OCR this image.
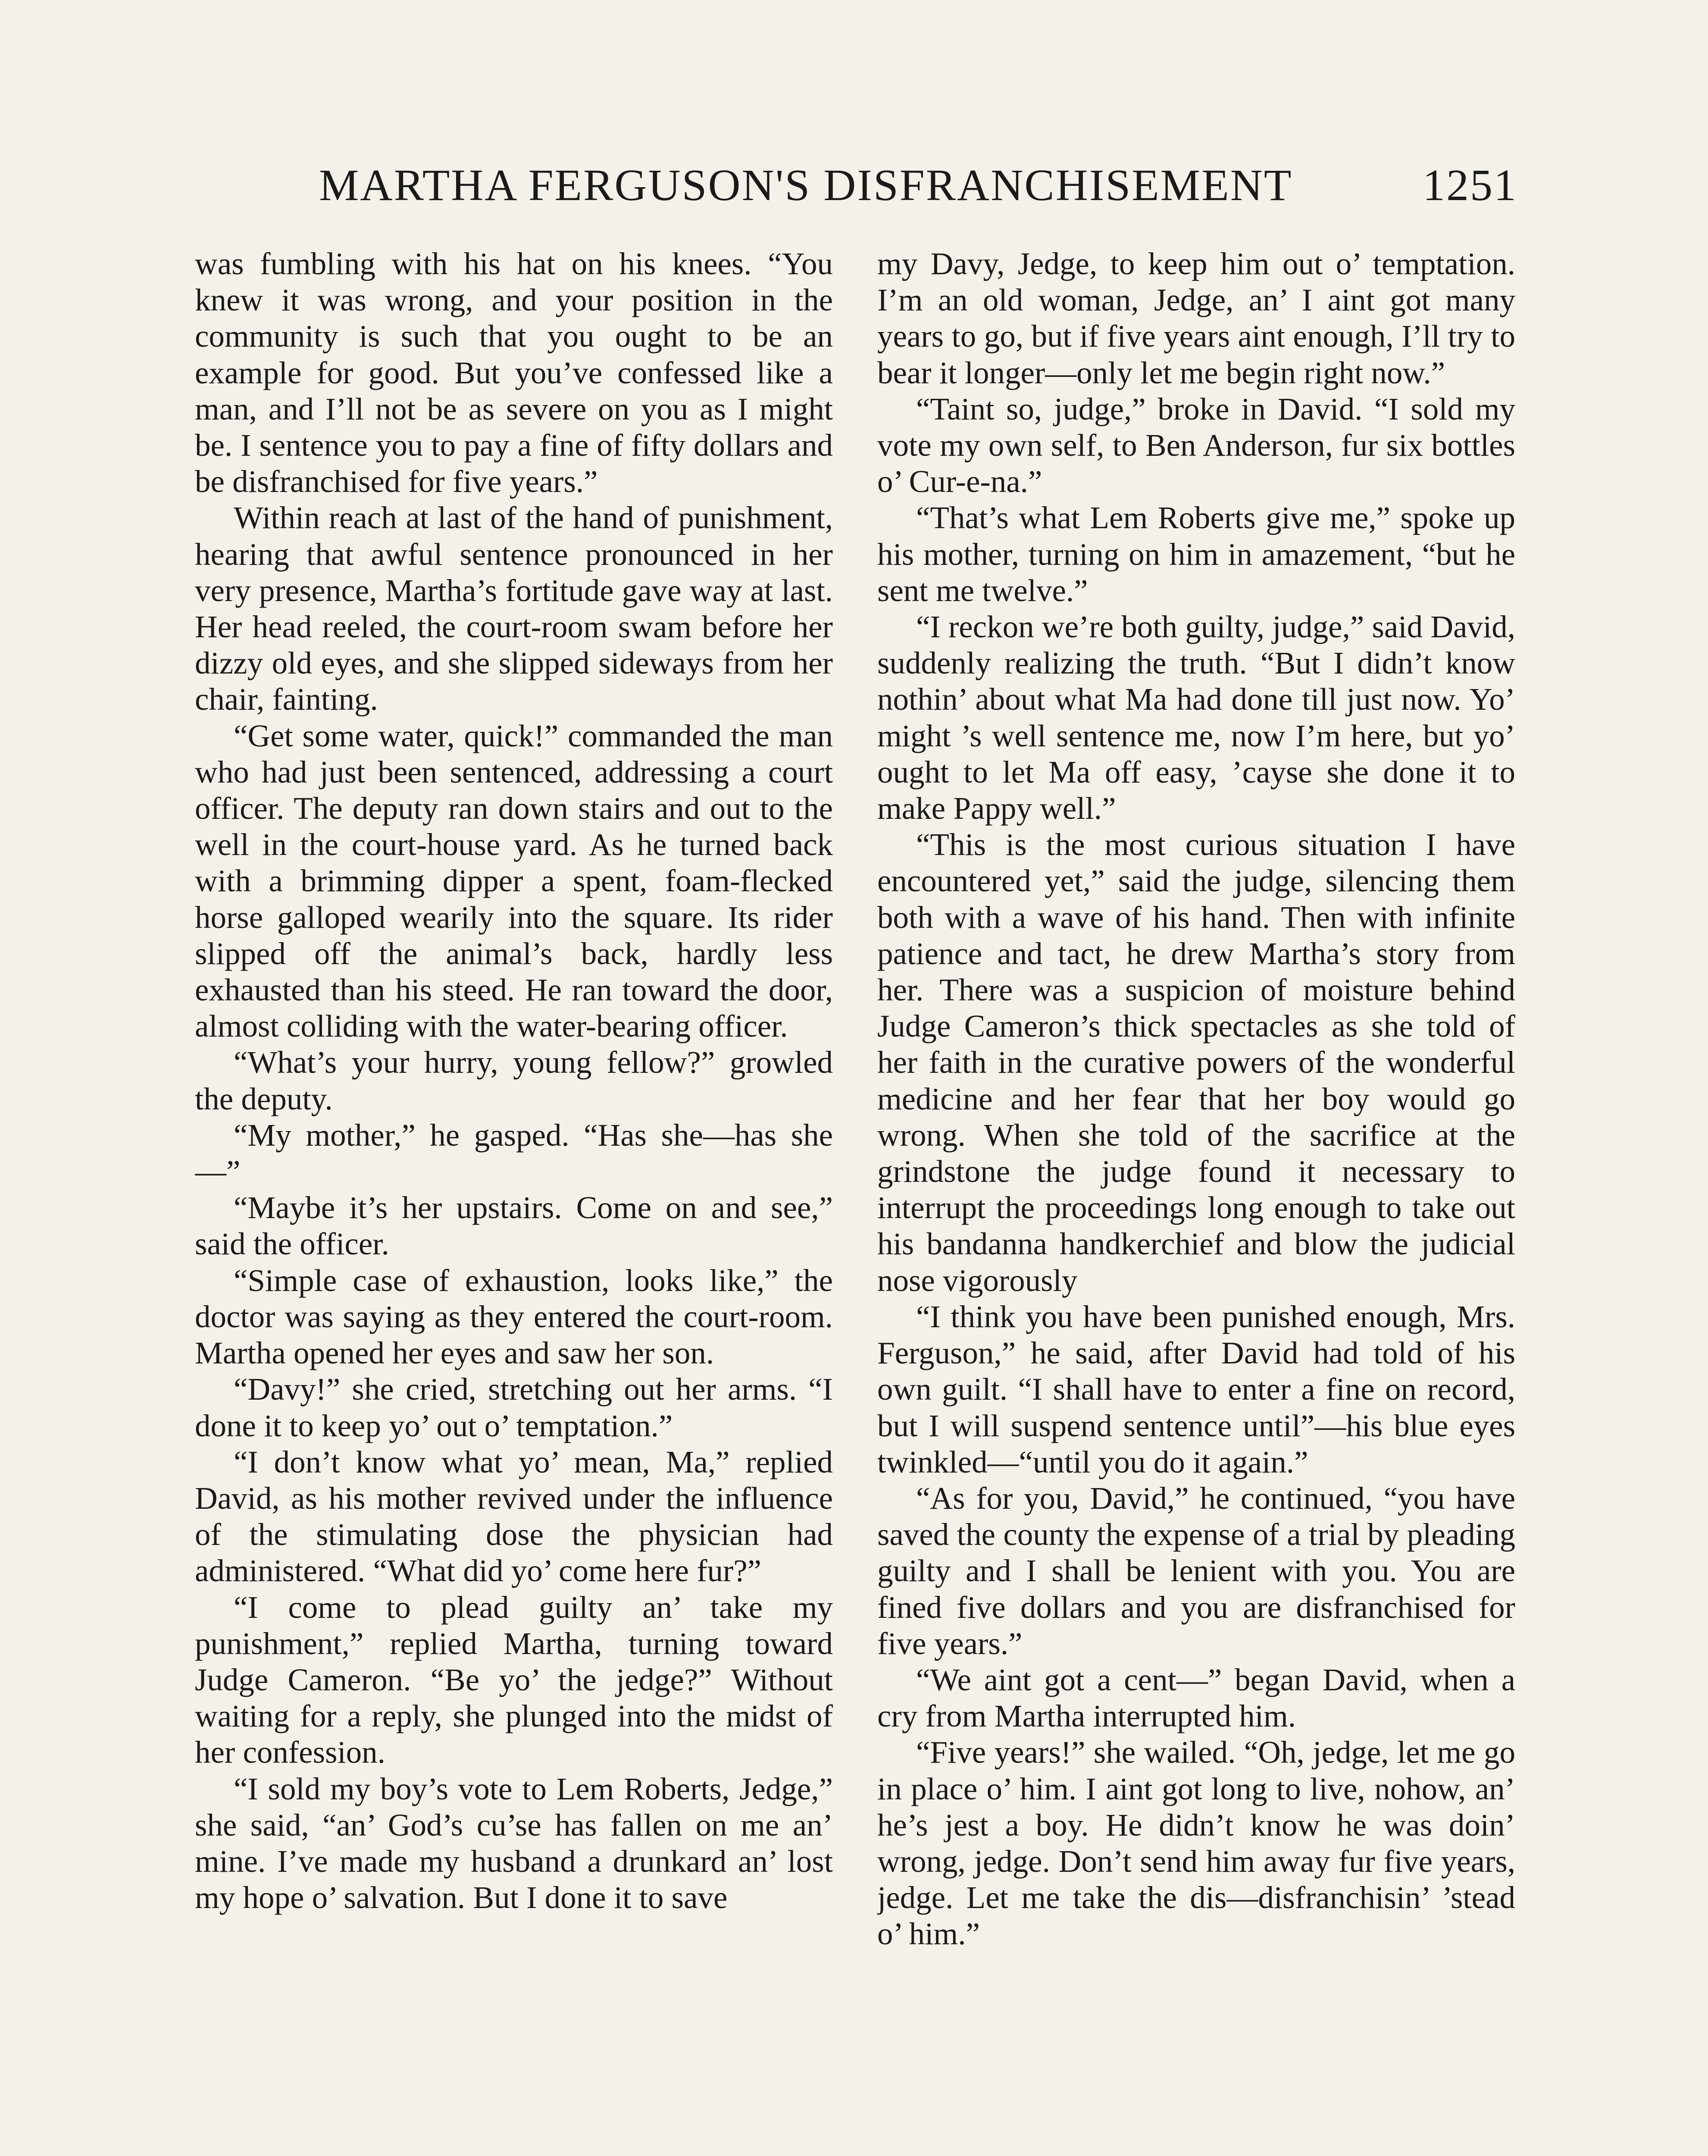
MARTHA FERGUSON'S DISFRANCHISEMENT	1251

was fumbling with his hat on his knees. “You knew it was wrong, and your position in the community is such that you ought to be an example for good. But you’ve confessed like a man, and I’ll not be as severe on you as I might be. I sentence you to pay a fine of fifty dollars and be disfranchised for five years.”

Within reach at last of the hand of punishment, hearing that awful sentence pronounced in her very presence, Martha’s fortitude gave way at last. Her head reeled, the court-room swam before her dizzy old eyes, and she slipped sideways from her chair, fainting.

“Get some water, quick!” commanded the man who had just been sentenced, addressing a court officer. The deputy ran down stairs and out to the well in the court-house yard. As he turned back with a brimming dipper a spent, foam-flecked horse galloped wearily into the square. Its rider slipped off the animal’s back, hardly less exhausted than his steed. He ran toward the door, almost colliding with the water-bearing officer.

“What’s your hurry, young fellow?” growled the deputy.

“My mother,” he gasped. “Has she—has she—”

“Maybe it’s her upstairs. Come on and see,” said the officer.

“Simple case of exhaustion, looks like,” the doctor was saying as they entered the court-room. Martha opened her eyes and saw her son.

“Davy!” she cried, stretching out her arms. “I done it to keep yo’ out o’ temptation.”

“I don’t know what yo’ mean, Ma,” replied David, as his mother revived under the influence of the stimulating dose the physician had administered. “What did yo’ come here fur?”

“I come to plead guilty an’ take my punishment,” replied Martha, turning toward Judge Cameron. “Be yo’ the jedge?” Without waiting for a reply, she plunged into the midst of her confession.

“I sold my boy’s vote to Lem Roberts, Jedge,” she said, “an’ God’s cu’se has fallen on me an’ mine. I’ve made my husband a drunkard an’ lost my hope o’ salvation. But I done it to save

my Davy, Jedge, to keep him out o’ temptation. I’m an old woman, Jedge, an’ I aint got many years to go, but if five years aint enough, I’ll try to bear it longer—only let me begin right now.”

“Taint so, judge,” broke in David. “I sold my vote my own self, to Ben Anderson, fur six bottles o’ Cur-e-na.”

“That’s what Lem Roberts give me,” spoke up his mother, turning on him in amazement, “but he sent me twelve.”

“I reckon we’re both guilty, judge,” said David, suddenly realizing the truth. “But I didn’t know nothin’ about what Ma had done till just now. Yo’ might ’s well sentence me, now I’m here, but yo’ ought to let Ma off easy, ’cayse she done it to make Pappy well.”

“This is the most curious situation I have encountered yet,” said the judge, silencing them both with a wave of his hand. Then with infinite patience and tact, he drew Martha’s story from her. There was a suspicion of moisture behind Judge Cameron’s thick spectacles as she told of her faith in the curative powers of the wonderful medicine and her fear that her boy would go wrong. When she told of the sacrifice at the grindstone the judge found it necessary to interrupt the proceedings long enough to take out his bandanna handkerchief and blow the judicial nose vigorously

“I think you have been punished enough, Mrs. Ferguson,” he said, after David had told of his own guilt. “I shall have to enter a fine on record, but I will suspend sentence until”—his blue eyes twinkled—“until you do it again.”

“As for you, David,” he continued, “you have saved the county the expense of a trial by pleading guilty and I shall be lenient with you. You are fined five dollars and you are disfranchised for five years.”

“We aint got a cent—” began David, when a cry from Martha interrupted him.

“Five years!” she wailed. “Oh, jedge, let me go in place o’ him. I aint got long to live, nohow, an’ he’s jest a boy. He didn’t know he was doin’ wrong, jedge. Don’t send him away fur five years, jedge. Let me take the dis—disfranchisin’ ’stead o’ him.”
